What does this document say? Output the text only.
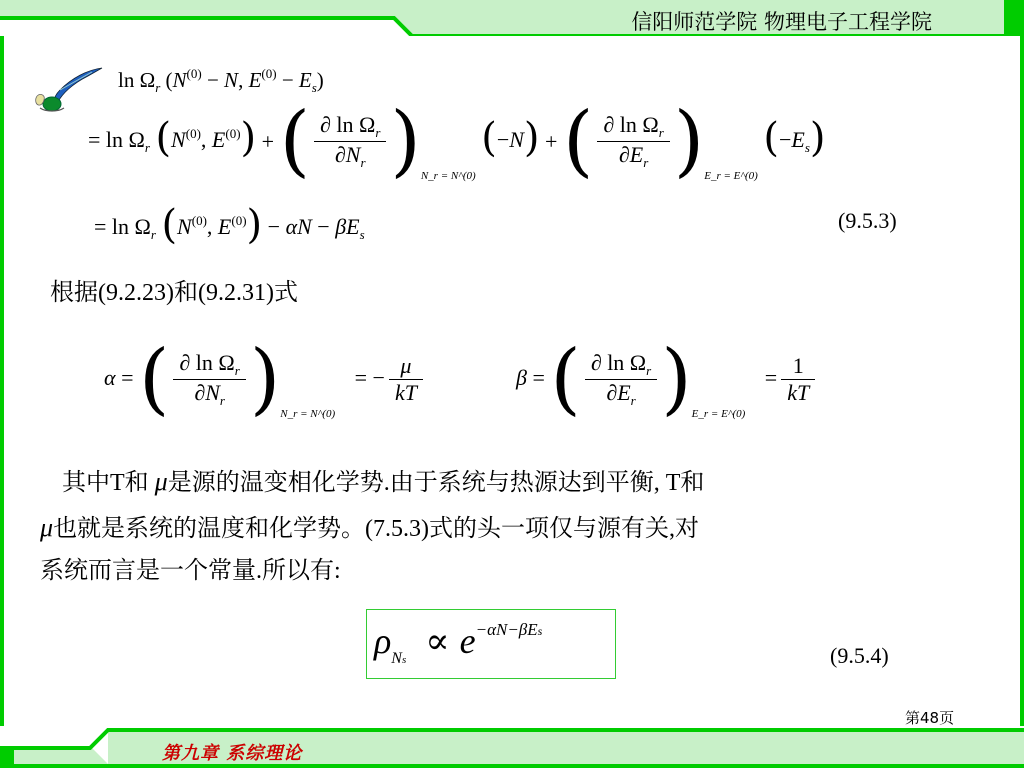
信阳师范学院 物理电子工程学院
$\ln \Omega_r$ ($N^{(0)} - N$, $E^{(0)} - E_s$)
= $\ln \Omega_r$ ($N^{(0)}$, $E^{(0)}$) + ( $\frac{\partial \ln \Omega_r}{\partial N_r} )_{N\_r = N\^{}(0)}$ (−N) + ( $\frac{\partial \ln \Omega_r}{\partial E_r} )_{E\_r = E\^{}(0)}$ $(-E_s)$
= $\ln \Omega_r$ ($N^{(0)}$, $E^{(0)}) - \alpha N - \beta E_s$
(9.5.3)
根据(9.2.23)和(9.2.31)式
α = ( $\frac{\partial \ln \Omega_r}{\partial N_r} )_{N\_r = N\^{}(0)}$ = − $\frac{\mu}{kT}$	β = ( $\frac{\partial \ln \Omega_r}{\partial E_r} )_{E\_r = E\^{}(0)} = \frac{1}{kT}$
其中T和 μ是源的温变相化学势.由于系统与热源达到平衡, T和
μ也就是系统的温度和化学势。(7.5.3)式的头一项仅与源有关,对
系统而言是一个常量.所以有:
$\rho_{Ns} \propto e^{-\alpha N-\beta Es}$
(9.5.4)
第48页
第九章 系综理论
